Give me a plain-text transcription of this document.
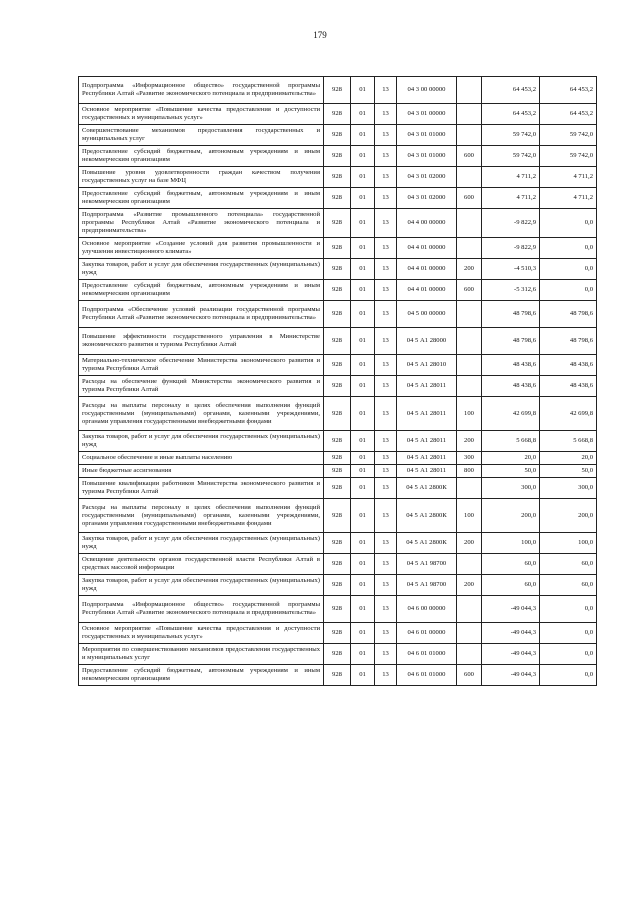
179
Подпрограмма «Информационное общество» государственной программы Республики Алтай «Развитие экономического потенциала и предпринимательства»	928	01	13	04 3 00 00000		64 453,2	64 453,2
Основное мероприятие «Повышение качества предоставления и доступности государственных и муниципальных услуг»	928	01	13	04 3 01 00000		64 453,2	64 453,2
Совершенствование механизмов предоставления государственных и муниципальных услуг	928	01	13	04 3 01 01000		59 742,0	59 742,0
Предоставление субсидий бюджетным, автономным учреждениям и иным некоммерческим организациям	928	01	13	04 3 01 01000	600	59 742,0	59 742,0
Повышение уровня удовлетворенности граждан качеством получения государственных услуг на базе МФЦ	928	01	13	04 3 01 02000		4 711,2	4 711,2
Предоставление субсидий бюджетным, автономным учреждениям и иным некоммерческим организациям	928	01	13	04 3 01 02000	600	4 711,2	4 711,2
Подпрограмма «Развитие промышленного потенциала» государственной программы Республики Алтай «Развитие экономического потенциала и предпринимательства»	928	01	13	04 4 00 00000		-9 822,9	0,0
Основное мероприятие «Создание условий для развития промышленности и улучшения инвестиционного климата»	928	01	13	04 4 01 00000		-9 822,9	0,0
Закупка товаров, работ и услуг для обеспечения государственных (муниципальных) нужд	928	01	13	04 4 01 00000	200	-4 510,3	0,0
Предоставление субсидий бюджетным, автономным учреждениям и иным некоммерческим организациям	928	01	13	04 4 01 00000	600	-5 312,6	0,0
Подпрограмма «Обеспечение условий реализации государственной программы Республики Алтай «Развитие экономического потенциала и предпринимательства»	928	01	13	04 5 00 00000		48 798,6	48 798,6
Повышение эффективности государственного управления в Министерстве экономического развития и туризма Республики Алтай	928	01	13	04 5 А1 28000		48 798,6	48 798,6
Материально-техническое обеспечение Министерства экономического развития и туризма Республики Алтай	928	01	13	04 5 А1 28010		48 438,6	48 438,6
Расходы на обеспечение функций Министерства экономического развития и туризма Республики Алтай	928	01	13	04 5 А1 28011		48 438,6	48 438,6
Расходы на выплаты персоналу в целях обеспечения выполнения функций государственными (муниципальными) органами, казенными учреждениями, органами управления государственными внебюджетными фондами	928	01	13	04 5 А1 28011	100	42 699,8	42 699,8
Закупка товаров, работ и услуг для обеспечения государственных (муниципальных) нужд	928	01	13	04 5 А1 28011	200	5 668,8	5 668,8
Социальное обеспечение и иные выплаты населению	928	01	13	04 5 А1 28011	300	20,0	20,0
Иные бюджетные ассигнования	928	01	13	04 5 А1 28011	800	50,0	50,0
Повышение квалификации работников Министерства экономического развития и туризма Республики Алтай	928	01	13	04 5 А1 2800К		300,0	300,0
Расходы на выплаты персоналу в целях обеспечения выполнения функций государственными (муниципальными) органами, казенными учреждениями, органами управления государственными внебюджетными фондами	928	01	13	04 5 А1 2800К	100	200,0	200,0
Закупка товаров, работ и услуг для обеспечения государственных (муниципальных) нужд	928	01	13	04 5 А1 2800К	200	100,0	100,0
Освещение деятельности органов государственной власти Республики Алтай в средствах массовой информации	928	01	13	04 5 А1 98700		60,0	60,0
Закупка товаров, работ и услуг для обеспечения государственных (муниципальных) нужд	928	01	13	04 5 А1 98700	200	60,0	60,0
Подпрограмма «Информационное общество» государственной программы Республики Алтай «Развитие экономического потенциала и предпринимательства»	928	01	13	04 6 00 00000		-49 044,3	0,0
Основное мероприятие «Повышение качества предоставления и доступности государственных и муниципальных услуг»	928	01	13	04 6 01 00000		-49 044,3	0,0
Мероприятия по совершенствованию механизмов предоставления государственных и муниципальных услуг	928	01	13	04 6 01 01000		-49 044,3	0,0
Предоставление субсидий бюджетным, автономным учреждениям и иным некоммерческим организациям	928	01	13	04 6 01 01000	600	-49 044,3	0,0
